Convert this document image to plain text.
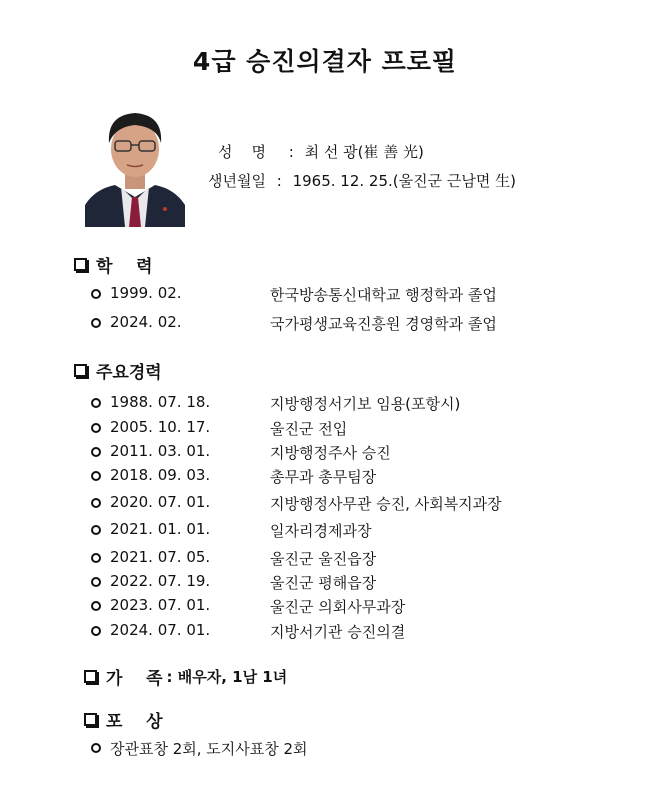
4급 승진의결자 프로필
성    명 : 최 선 광(崔 善 光)
생년월일 : 1965. 12. 25.(울진군 근남면 生)
학    력
1999. 02.	한국방송통신대학교 행정학과 졸업
2024. 02.	국가평생교육진흥원 경영학과 졸업
주요경력
1988. 07. 18.	지방행정서기보 임용(포항시)
2005. 10. 17.	울진군 전입
2011. 03. 01.	지방행정주사 승진
2018. 09. 03.	총무과 총무팀장
2020. 07. 01.	지방행정사무관 승진, 사회복지과장
2021. 01. 01.	일자리경제과장
2021. 07. 05.	울진군 울진읍장
2022. 07. 19.	울진군 평해읍장
2023. 07. 01.	울진군 의회사무과장
2024. 07. 01.	지방서기관 승진의결
가    족 : 배우자, 1남 1녀
포    상
장관표창 2회, 도지사표창 2회
